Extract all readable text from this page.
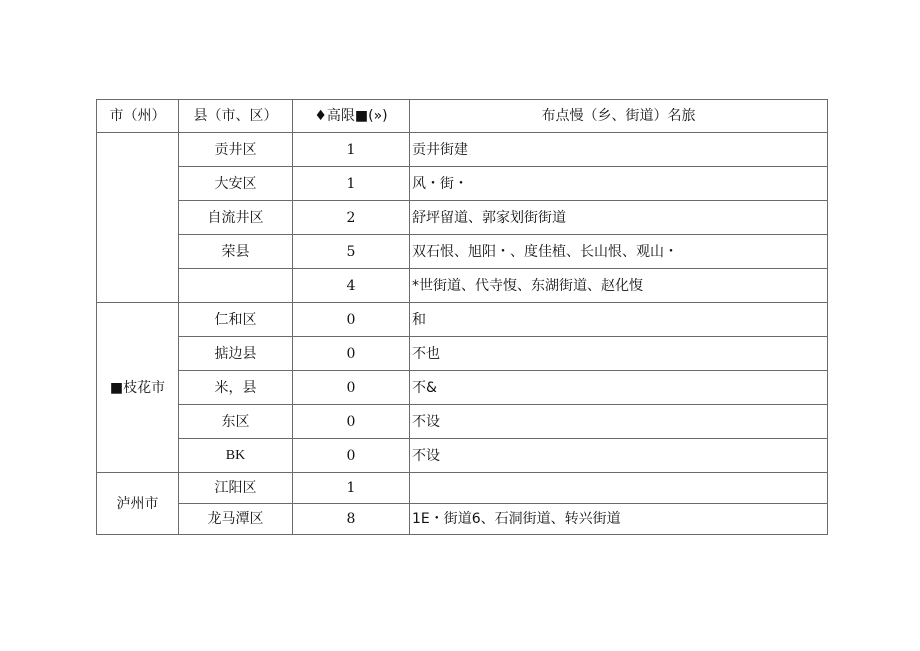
市（州）	县（市、区）	♦高限■(»)	布点慢（乡、街道）名旅
	贡井区	1	贡井街建
	大安区	1	风・街・
	自流井区	2	舒坪留道、郭家划街街道
	荣县	5	双石恨、旭阳・、度佳植、长山恨、观山・
		4	*世街道、代寺愎、东湖街道、赵化愎
■枝花市	仁和区	0	和
	掂边县	0	不也
	米，县	0	不&
	东区	0	不设
	BK	0	不设
泸州市	江阳区	1	
	龙马潭区	8	1E・街道6、石洞街道、转兴街道
